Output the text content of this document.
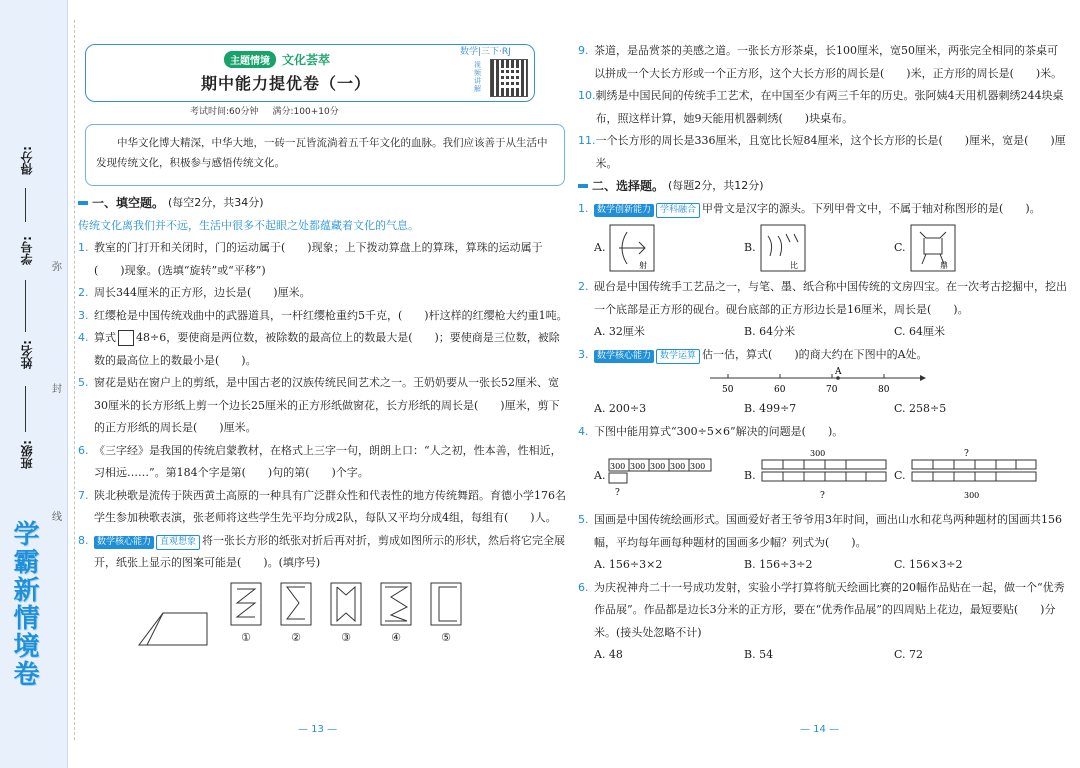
得分:
学号:
姓名:
班级:
弥
封
线
学霸新情境卷
主题情境	文化荟萃
期中能力提优卷（一）
视频讲解
数学|三下·RJ
考试时间:60分钟 满分:100+10分
中华文化博大精深，中华大地，一砖一瓦皆流淌着五千年文化的血脉。我们应该善于从生活中发现传统文化，积极参与感悟传统文化。
一、填空题。 (每空2分，共34分)
传统文化离我们并不远，生活中很多不起眼之处都蕴藏着文化的气息。
1. 教室的门打开和关闭时，门的运动属于(　　)现象；上下拨动算盘上的算珠，算珠的运动属于(　　)现象。(选填“旋转”或“平移”)
2. 周长344厘米的正方形，边长是(　　)厘米。
3. 红缨枪是中国传统戏曲中的武器道具，一杆红缨枪重约5千克，(　　)杆这样的红缨枪大约重1吨。
4. 算式 48÷6，要使商是两位数，被除数的最高位上的数最大是(　　)；要使商是三位数，被除数的最高位上的数最小是(　　)。
5. 窗花是贴在窗户上的剪纸，是中国古老的汉族传统民间艺术之一。王奶奶要从一张长52厘米、宽30厘米的长方形纸上剪一个边长25厘米的正方形纸做窗花，长方形纸的周长是(　　)厘米，剪下的正方形纸的周长是(　　)厘米。
6. 《三字经》是我国的传统启蒙教材，在格式上三字一句，朗朗上口：“人之初，性本善，性相近，习相远……”。第184个字是第(　　)句的第(　　)个字。
7. 陕北秧歌是流传于陕西黄土高原的一种具有广泛群众性和代表性的地方传统舞蹈。育德小学176名学生参加秧歌表演，张老师将这些学生先平均分成2队，每队又平均分成4组，每组有(　　)人。
8. 数学核心能力 直观想象 将一张长方形的纸张对折后再对折，剪成如图所示的形状，然后将它完全展开，纸张上显示的图案可能是(　　)。(填序号)
①	②	③	④	⑤
9. 茶道，是品赏茶的美感之道。一张长方形茶桌，长100厘米，宽50厘米，两张完全相同的茶桌可以拼成一个大长方形或一个正方形，这个大长方形的周长是(　　)米，正方形的周长是(　　)米。
10. 刺绣是中国民间的传统手工艺术，在中国至少有两三千年的历史。张阿姨4天用机器刺绣244块桌布，照这样计算，她9天能用机器刺绣(　　)块桌布。
11. 一个长方形的周长是336厘米，且宽比长短84厘米，这个长方形的长是(　　)厘米，宽是(　　)厘米。
二、选择题。 (每题2分，共12分)
1. 数学创新能力 学科融合 甲骨文是汉字的源头。下列甲骨文中，不属于轴对称图形的是(　　)。
A.
射
B.
比
C.
鼎
2. 砚台是中国传统手工艺品之一，与笔、墨、纸合称中国传统的文房四宝。在一次考古挖掘中，挖出一个底部是正方形的砚台。砚台底部的正方形边长是16厘米，周长是(　　)。
A. 32厘米	B. 64分米	C. 64厘米
3. 数学核心能力 数学运算 估一估，算式(　　)的商大约在下图中的A处。
50	60	70	80
A
A. 200÷3	B. 499÷7	C. 258÷5
4. 下图中能用算式“300÷5×6”解决的问题是(　　)。
A.
300 300 300 300 300
?
B.
300
?
C.
?
300
5. 国画是中国传统绘画形式。国画爱好者王爷爷用3年时间，画出山水和花鸟两种题材的国画共156幅，平均每年画每种题材的国画多少幅？列式为(　　)。
A. 156÷3×2	B. 156÷3÷2	C. 156×3÷2
6. 为庆祝神舟二十一号成功发射，实验小学打算将航天绘画比赛的20幅作品贴在一起，做一个“优秀作品展”。作品都是边长3分米的正方形，要在“优秀作品展”的四周贴上花边，最短要贴(　　)分米。(接头处忽略不计)
A. 48	B. 54	C. 72
— 13 —	— 14 —
